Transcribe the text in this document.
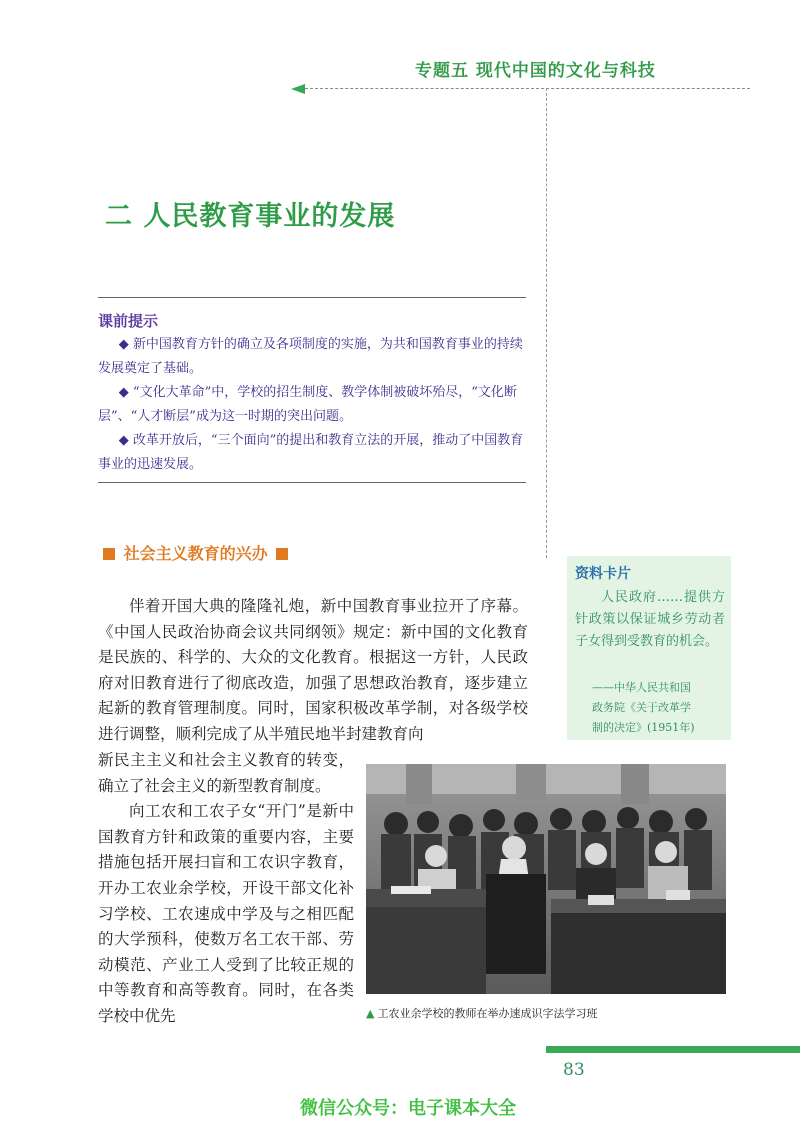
专题五 现代中国的文化与科技
二 人民教育事业的发展
课前提示

◆ 新中国教育方针的确立及各项制度的实施，为共和国教育事业的持续发展奠定了基础。

◆ “文化大革命”中，学校的招生制度、教学体制被破坏殆尽，“文化断层”、“人才断层”成为这一时期的突出问题。

◆ 改革开放后，“三个面向”的提出和教育立法的开展，推动了中国教育事业的迅速发展。

社会主义教育的兴办

伴着开国大典的隆隆礼炮，新中国教育事业拉开了序幕。《中国人民政治协商会议共同纲领》规定：新中国的文化教育是民族的、科学的、大众的文化教育。根据这一方针，人民政府对旧教育进行了彻底改造，加强了思想政治教育，逐步建立起新的教育管理制度。同时，国家积极改革学制，对各级学校进行调整，顺利完成了从半殖民地半封建教育向

新民主主义和社会主义教育的转变，确立了社会主义的新型教育制度。

向工农和工农子女“开门”是新中国教育方针和政策的重要内容，主要措施包括开展扫盲和工农识字教育，开办工农业余学校，开设干部文化补习学校、工农速成中学及与之相匹配的大学预科，使数万名工农干部、劳动模范、产业工人受到了比较正规的中等教育和高等教育。同时，在各类学校中优先

资料卡片

人民政府……提供方针政策以保证城乡劳动者子女得到受教育的机会。

——中华人民共和国

政务院《关于改革学

制的决定》(1951年)

▲ 工农业余学校的教师在举办速成识字法学习班
83
微信公众号：电子课本大全
